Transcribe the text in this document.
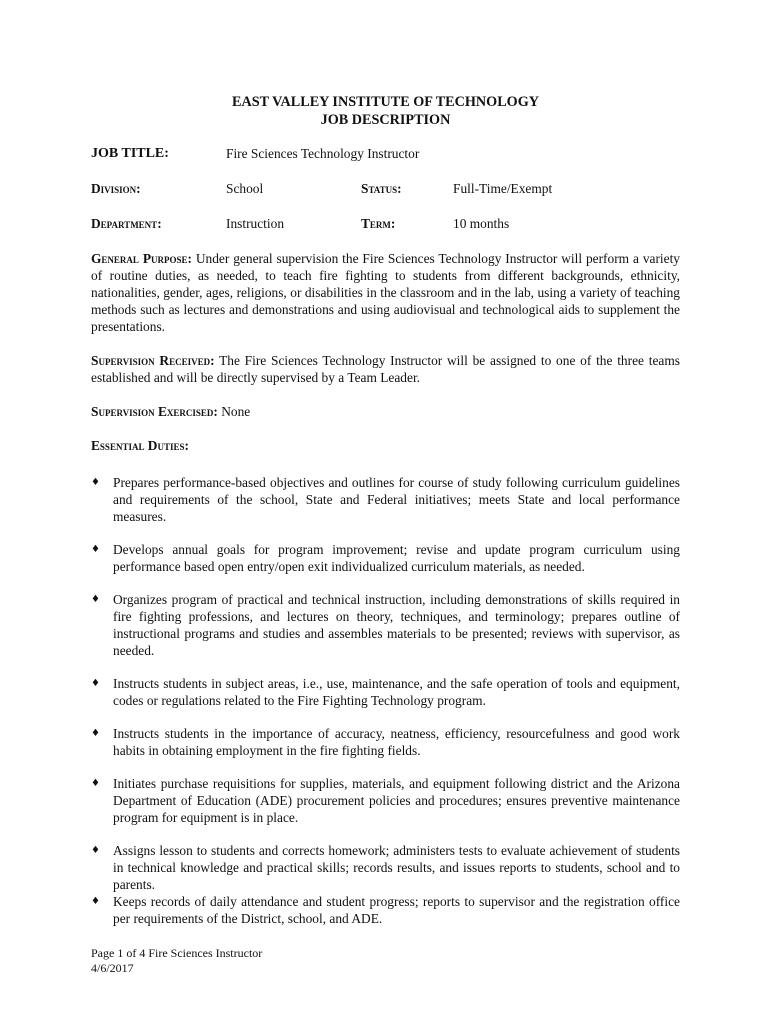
EAST VALLEY INSTITUTE OF TECHNOLOGY
JOB DESCRIPTION
JOB TITLE:	Fire Sciences Technology Instructor
Division:	School	Status:	Full-Time/Exempt
Department:	Instruction	Term:	10 months

General Purpose: Under general supervision the Fire Sciences Technology Instructor will perform a variety of routine duties, as needed, to teach fire fighting to students from different backgrounds, ethnicity, nationalities, gender, ages, religions, or disabilities in the classroom and in the lab, using a variety of teaching methods such as lectures and demonstrations and using audiovisual and technological aids to supplement the presentations.

Supervision Received: The Fire Sciences Technology Instructor will be assigned to one of the three teams established and will be directly supervised by a Team Leader.

Supervision Exercised: None

Essential Duties:

♦ Prepares performance-based objectives and outlines for course of study following curriculum guidelines and requirements of the school, State and Federal initiatives; meets State and local performance measures.
♦ Develops annual goals for program improvement; revise and update program curriculum using performance based open entry/open exit individualized curriculum materials, as needed.
♦ Organizes program of practical and technical instruction, including demonstrations of skills required in fire fighting professions, and lectures on theory, techniques, and terminology; prepares outline of instructional programs and studies and assembles materials to be presented; reviews with supervisor, as needed.
♦ Instructs students in subject areas, i.e., use, maintenance, and the safe operation of tools and equipment, codes or regulations related to the Fire Fighting Technology program.
♦ Instructs students in the importance of accuracy, neatness, efficiency, resourcefulness and good work habits in obtaining employment in the fire fighting fields.
♦ Initiates purchase requisitions for supplies, materials, and equipment following district and the Arizona Department of Education (ADE) procurement policies and procedures; ensures preventive maintenance program for equipment is in place.
♦ Assigns lesson to students and corrects homework; administers tests to evaluate achievement of students in technical knowledge and practical skills; records results, and issues reports to students, school and to parents.
♦ Keeps records of daily attendance and student progress; reports to supervisor and the registration office per requirements of the District, school, and ADE.
Page 1 of 4 Fire Sciences Instructor
4/6/2017
